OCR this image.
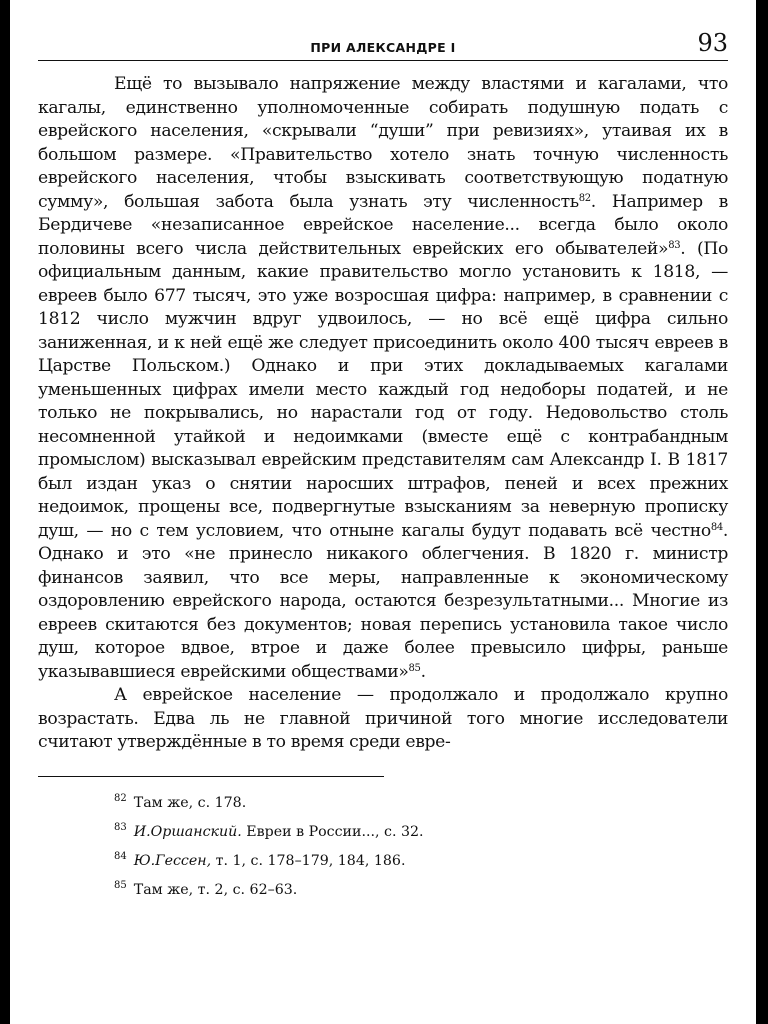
ПРИ АЛЕКСАНДРЕ I	93

Ещё то вызывало напряжение между властями и кагалами, что кагалы, единственно уполномоченные собирать подушную подать с еврейского населения, «скрывали “души” при ревизиях», утаивая их в большом размере. «Правительство хотело знать точную численность еврейского населения, чтобы взыскивать соответствующую податную сумму», большая забота была узнать эту численность$^{82}$. Например в Бердичеве «незаписанное еврейское население... всегда было около половины всего числа действительных еврейских его обывателей»$^{83}$. (По официальным данным, какие правительство могло установить к 1818, — евреев было 677 тысяч, это уже возросшая цифра: например, в сравнении с 1812 число мужчин вдруг удвоилось, — но всё ещё цифра сильно заниженная, и к ней ещё же следует присоединить около 400 тысяч евреев в Царстве Польском.) Однако и при этих докладываемых кагалами уменьшенных цифрах имели место каждый год недоборы податей, и не только не покрывались, но нарастали год от году. Недовольство столь несомненной утайкой и недоимками (вместе ещё с контрабандным промыслом) высказывал еврейским представителям сам Александр I. В 1817 был издан указ о снятии наросших штрафов, пеней и всех прежних недоимок, прощены все, подвергнутые взысканиям за неверную прописку душ, — но с тем условием, что отныне кагалы будут подавать всё честно$^{84}$. Однако и это «не принесло никакого облегчения. В 1820 г. министр финансов заявил, что все меры, направленные к экономическому оздоровлению еврейского народа, остаются безрезультатными... Многие из евреев скитаются без документов; новая перепись установила такое число душ, которое вдвое, втрое и даже более превысило цифры, раньше указывавшиеся еврейскими обществами»$^{85}$.

А еврейское население — продолжало и продолжало крупно возрастать. Едва ль не главной причиной того многие исследователи считают утверждённые в то время среди евре-

$^{82}$ Там же, с. 178.
$^{83}$ И.Оршанский. Евреи в России..., с. 32.
$^{84}$ Ю.Гессен, т. 1, с. 178–179, 184, 186.
$^{85}$ Там же, т. 2, с. 62–63.
